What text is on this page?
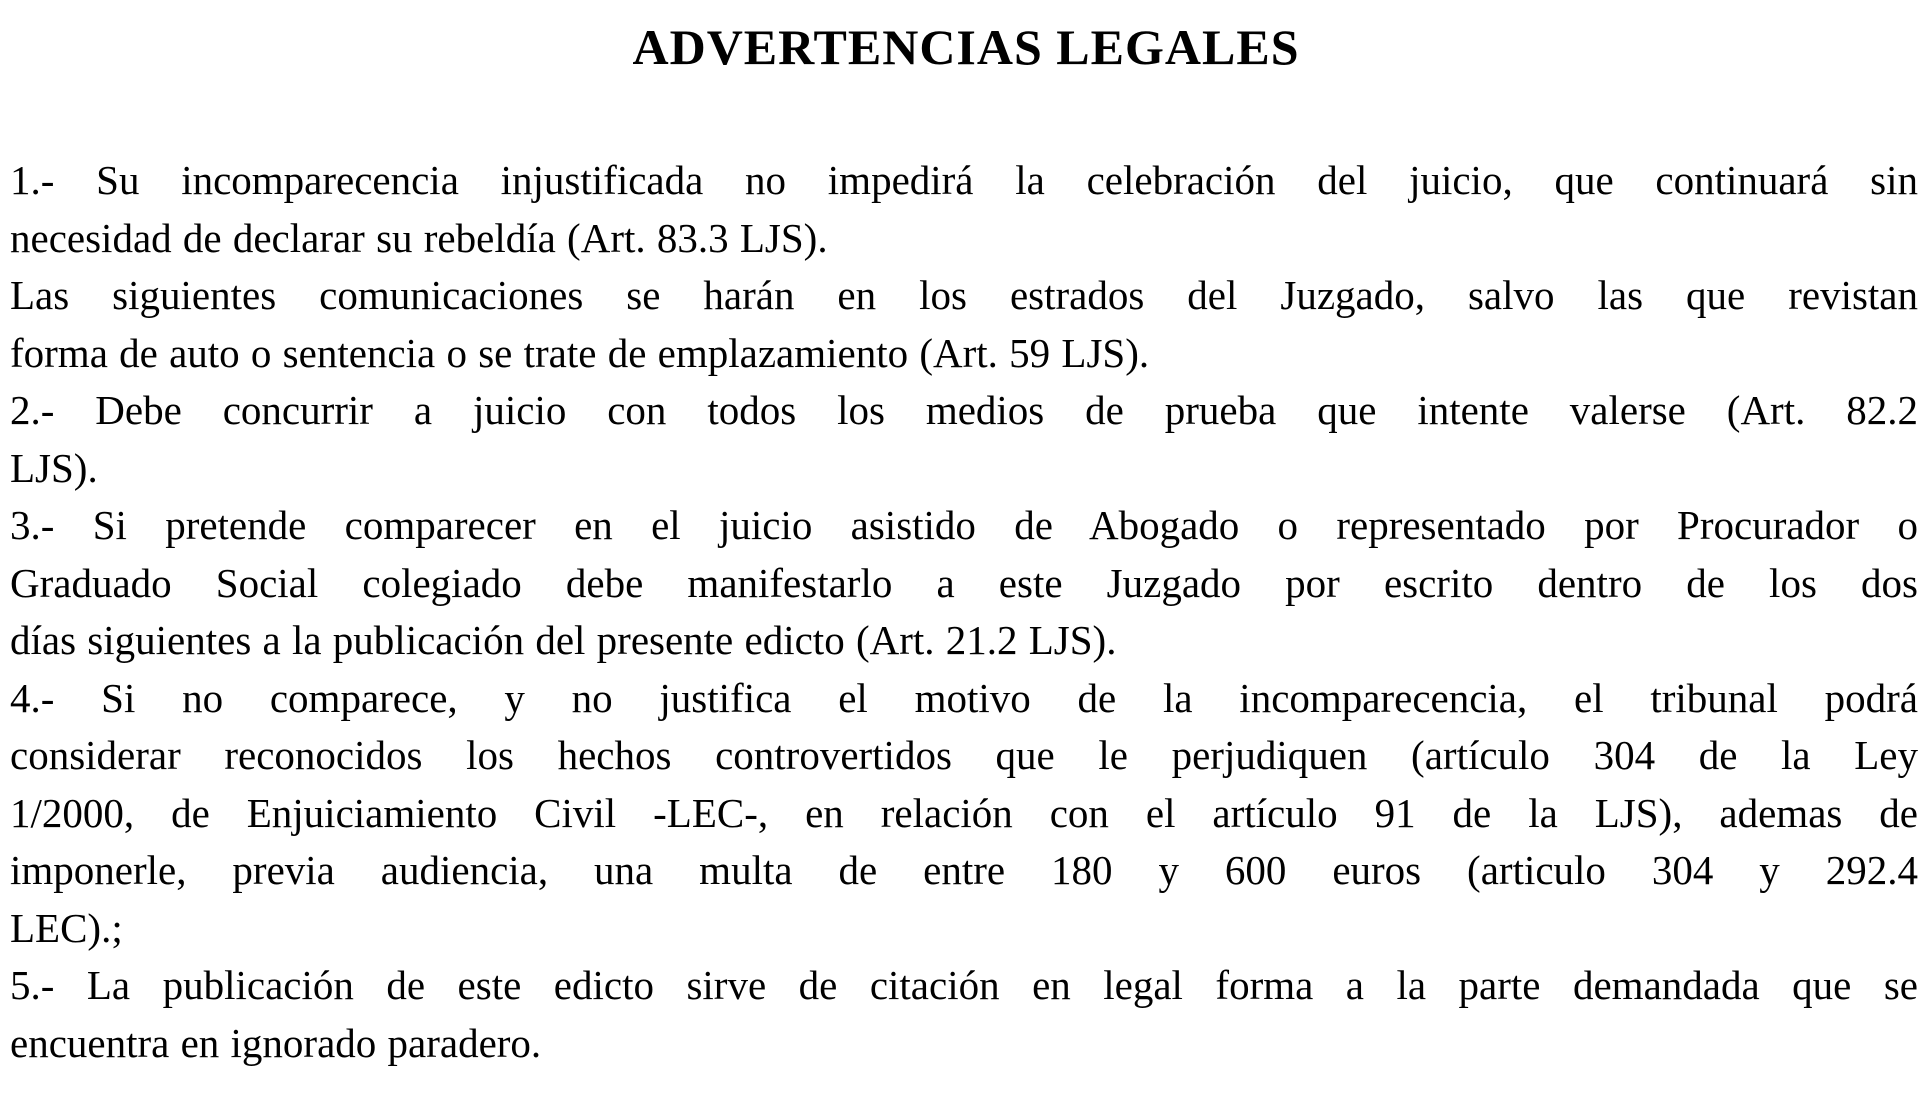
ADVERTENCIAS LEGALES
1.- Su incomparecencia injustificada no impedirá la celebración del juicio, que continuará sin
necesidad de declarar su rebeldía (Art. 83.3 LJS).
Las siguientes comunicaciones se harán en los estrados del Juzgado, salvo las que revistan
forma de auto o sentencia o se trate de emplazamiento (Art. 59 LJS).
2.- Debe concurrir a juicio con todos los medios de prueba que intente valerse (Art. 82.2
LJS).
3.- Si pretende comparecer en el juicio asistido de Abogado o representado por Procurador o
Graduado Social colegiado debe manifestarlo a este Juzgado por escrito dentro de los dos
días siguientes a la publicación del presente edicto (Art. 21.2 LJS).
4.- Si no comparece, y no justifica el motivo de la incomparecencia, el tribunal podrá
considerar reconocidos los hechos controvertidos que le perjudiquen (artículo 304 de la Ley
1/2000, de Enjuiciamiento Civil -LEC-, en relación con el artículo 91 de la LJS), ademas de
imponerle, previa audiencia, una multa de entre 180 y 600 euros (articulo 304 y 292.4
LEC).;
5.- La publicación de este edicto sirve de citación en legal forma a la parte demandada que se
encuentra en ignorado paradero.
